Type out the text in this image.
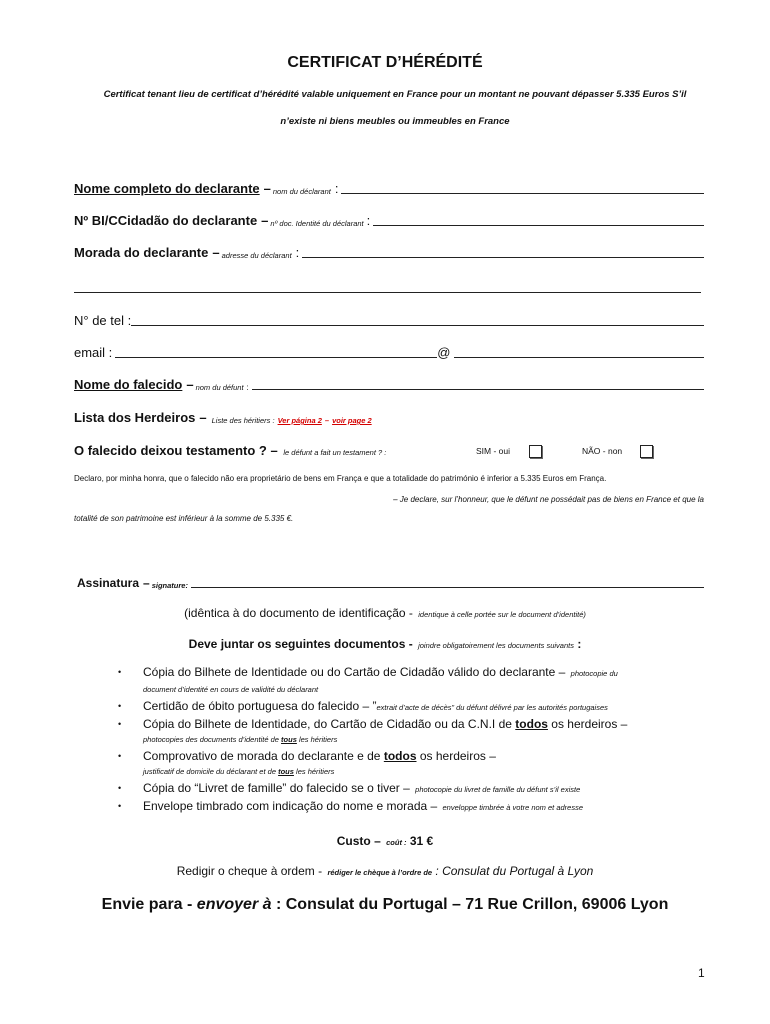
CERTIFICAT D’HÉRÉDITÉ
Certificat tenant lieu de certificat d’hérédité valable uniquement en France pour un montant ne pouvant dépasser 5.335 Euros S’il
n’existe ni biens meubles ou immeubles en France
Nome completo do declarante – nom du déclarant :
Nº BI/CCidadão do declarante – nº doc. Identité du déclarant :
Morada do declarante – adresse du déclarant :
N° de tel :
email :	@
Nome do falecido – nom du défunt :
Lista dos Herdeiros – Liste des héritiers : Ver página 2 – voir page 2
O falecido deixou testamento ? – le défunt a fait un testament ? :	SIM - oui	NÃO - non
Declaro, por minha honra, que o falecido não era proprietário de bens em França e que a totalidade do património é inferior a 5.335 Euros em França.
– Je declare, sur l’honneur, que le défunt ne possédait pas de biens en France et que la
totalité de son patrimoine est inférieur à la somme de 5.335 €.
Assinatura – signature:
(idêntica à do documento de identificação - identique à celle portée sur le document d’identité)
Deve juntar os seguintes documentos - joindre obligatoirement les documents suivants :
• Cópia do Bilhete de Identidade ou do Cartão de Cidadão válido do declarante – photocopie du
document d’identité en cours de validité du déclarant
• Certidão de óbito portuguesa do falecido – ”extrait d’acte de décès” du défunt délivré par les autorités portugaises
• Cópia do Bilhete de Identidade, do Cartão de Cidadão ou da C.N.I de todos os herdeiros –
photocopies des documents d’identité de tous les héritiers
• Comprovativo de morada do declarante e de todos os herdeiros –
justificatif de domicile du déclarant et de tous les héritiers
• Cópia do “Livret de famille” do falecido se o tiver – photocopie du livret de famille du défunt s’il existe
• Envelope timbrado com indicação do nome e morada – enveloppe timbrée à votre nom et adresse
Custo – coût : 31 €
Redigir o cheque à ordem - rédiger le chèque à l’ordre de : Consulat du Portugal à Lyon
Envie para - envoyer à : Consulat du Portugal – 71 Rue Crillon, 69006 Lyon
1
